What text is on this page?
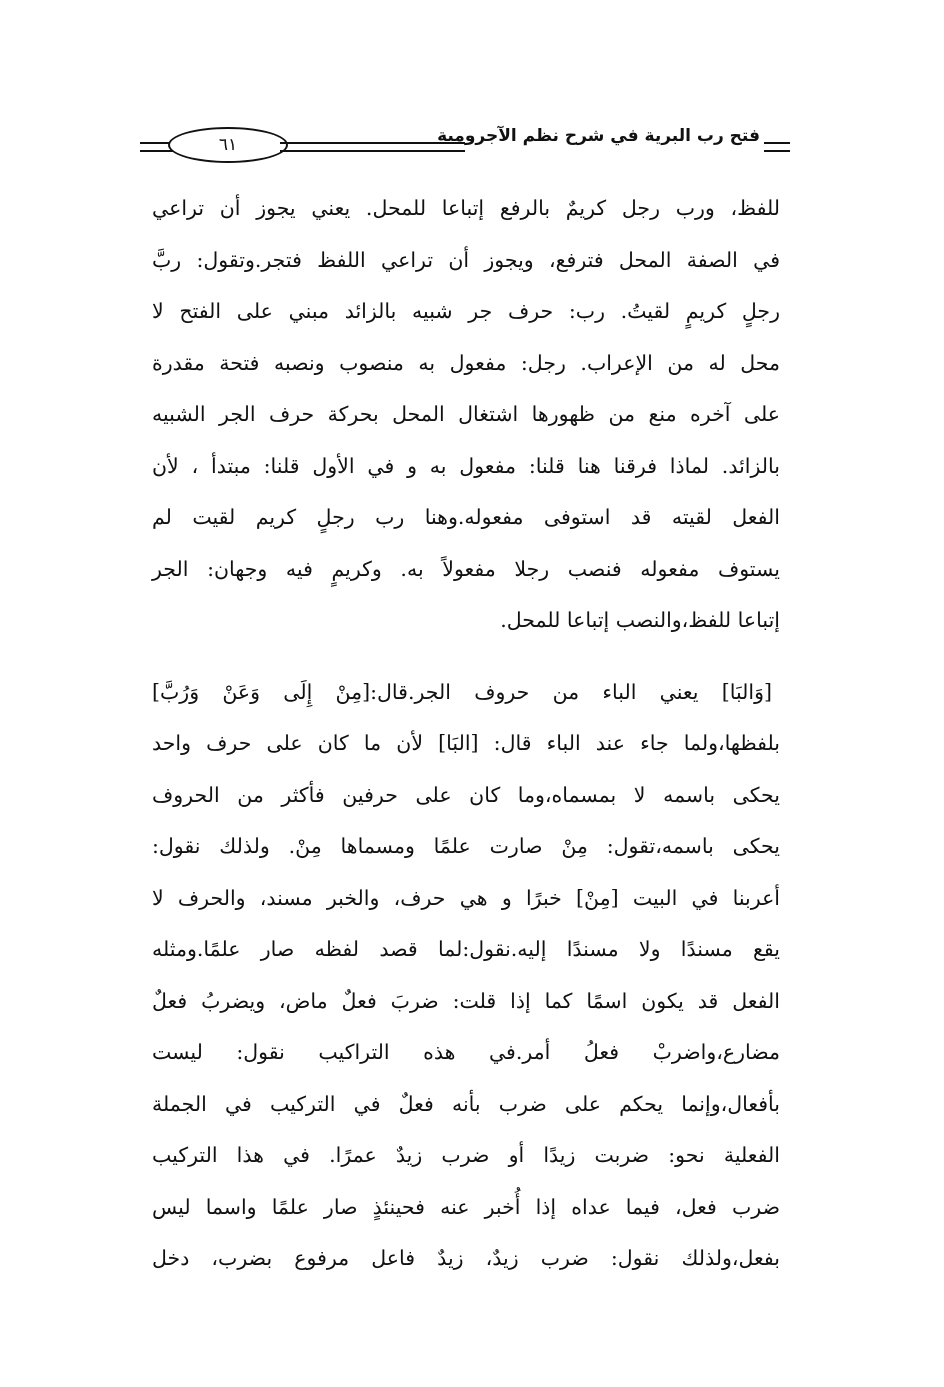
٦١	فتح رب البرية في شرح نظم الآجرومية
للفظ، ورب رجل كريمٌ بالرفع إتباعا للمحل. يعني يجوز أن تراعي
في الصفة المحل فترفع، ويجوز أن تراعي اللفظ فتجر.وتقول: ربَّ
رجلٍ كريمٍ لقيتُ. رب: حرف جر شبيه بالزائد مبني على الفتح لا
محل له من الإعراب. رجل: مفعول به منصوب ونصبه فتحة مقدرة
على آخره منع من ظهورها اشتغال المحل بحركة حرف الجر الشبيه
بالزائد. لماذا فرقنا هنا قلنا: مفعول به و في الأول قلنا: مبتدأ ، لأن
الفعل لقيته قد استوفى مفعوله.وهنا رب رجلٍ كريم لقيت لم
يستوف مفعوله فنصب رجلا مفعولاً به. وكريمٍ فيه وجهان: الجر
إتباعا للفظ،والنصب إتباعا للمحل.
[وَالبَا] يعني الباء من حروف الجر.قال:[مِنْ إِلَى وَعَنْ وَرُبَّ]
بلفظها،ولما جاء عند الباء قال: [البَا] لأن ما كان على حرف واحد
يحكى باسمه لا بمسماه،وما كان على حرفين فأكثر من الحروف
يحكى باسمه،تقول: مِنْ صارت علمًا ومسماها مِنْ. ولذلك نقول:
أعربنا في البيت [مِنْ] خبرًا و هي حرف، والخبر مسند، والحرف لا
يقع مسندًا ولا مسندًا إليه.نقول:لما قصد لفظه صار علمًا.ومثله
الفعل قد يكون اسمًا كما إذا قلت: ضربَ فعلٌ ماض، ويضربُ فعلٌ
مضارع،واضربْ فعلُ أمر.في هذه التراكيب نقول: ليست
بأفعال،وإنما يحكم على ضرب بأنه فعلٌ في التركيب في الجملة
الفعلية نحو: ضربت زيدًا أو ضرب زيدٌ عمرًا. في هذا التركيب
ضرب فعل، فيما عداه إذا أُخبر عنه فحينئذٍ صار علمًا واسما ليس
بفعل،ولذلك نقول: ضرب زيدٌ، زيدٌ فاعل مرفوع بضرب، دخل
